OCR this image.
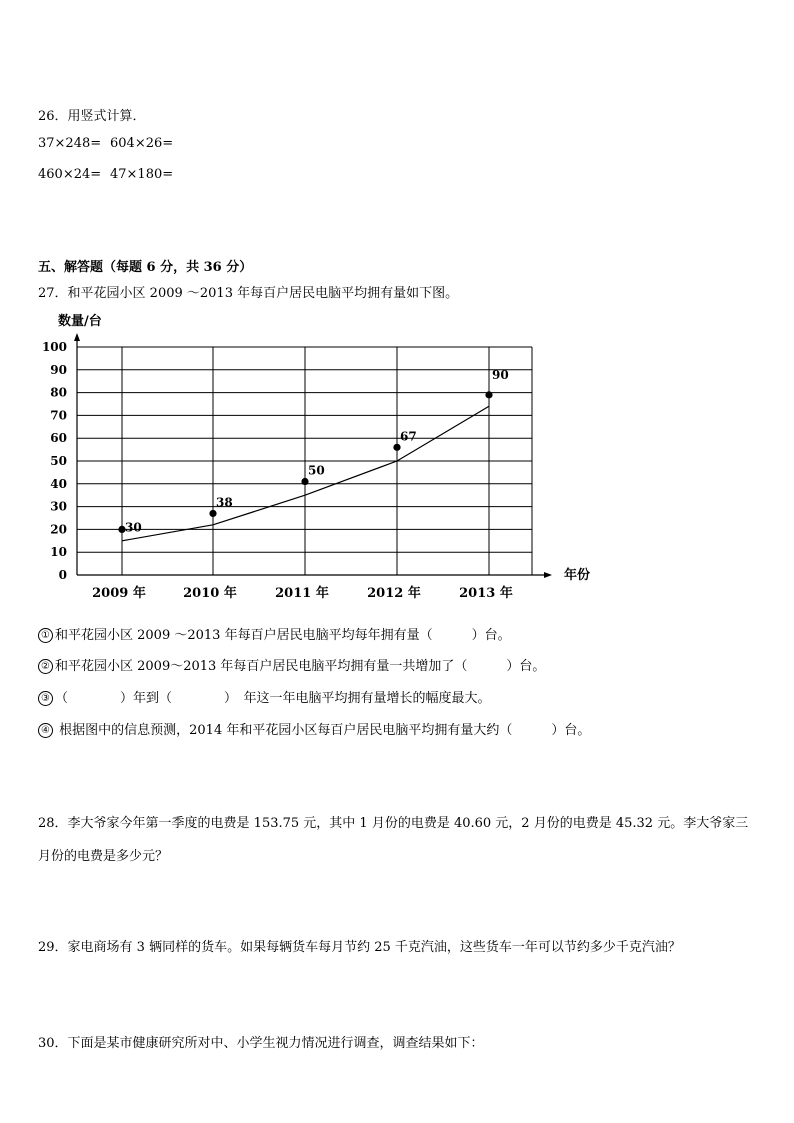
26．用竖式计算．
37×248= 604×26=
460×24= 47×180=
五、解答题（每题 6 分，共 36 分）
27．和平花园小区 2009 ～2013 年每百户居民电脑平均拥有量如下图。
0
10
20
30
40
50
60
70
80
90
100
数量/台
年份
2009 年	2010 年	2011 年	2012 年	2013 年
30
38
50
67
90
① 和平花园小区 2009 ～2013 年每百户居民电脑平均每年拥有量（　　　）台。
② 和平花园小区 2009～2013 年每百户居民电脑平均拥有量一共增加了（　　　）台。
③ （　　　　）年到（　　　　）　年这一年电脑平均拥有量增长的幅度最大。
④ 根据图中的信息预测，2014 年和平花园小区每百户居民电脑平均拥有量大约（　　　）台。
28．李大爷家今年第一季度的电费是 153.75 元，其中 1 月份的电费是 40.60 元，2 月份的电费是 45.32 元。李大爷家三
月份的电费是多少元？
29．家电商场有 3 辆同样的货车。如果每辆货车每月节约 25 千克汽油，这些货车一年可以节约多少千克汽油？
30．下面是某市健康研究所对中、小学生视力情况进行调查，调查结果如下：
